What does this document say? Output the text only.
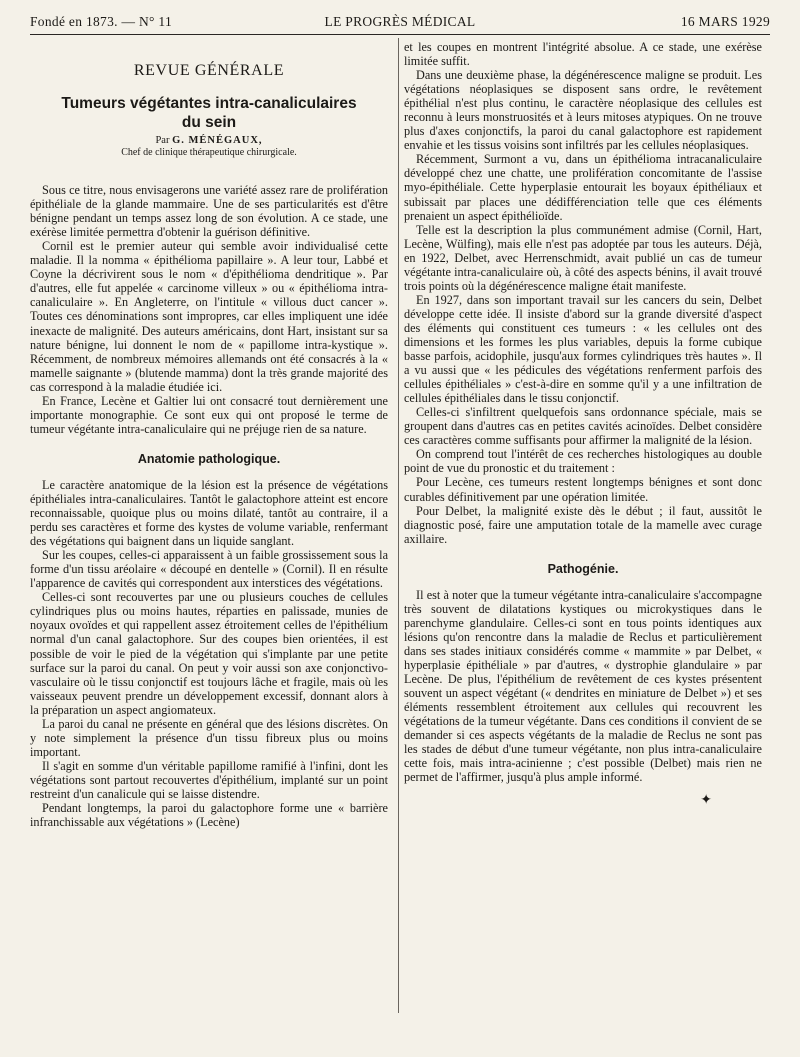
Fondé en 1873. — N° 11	LE PROGRÈS MÉDICAL	16 MARS 1929
REVUE GÉNÉRALE
Tumeurs végétantes intra-canaliculaires
du sein
Par G. MÉNÉGAUX,
Chef de clinique thérapeutique chirurgicale.

Sous ce titre, nous envisagerons une variété assez rare de prolifération épithéliale de la glande mammaire. Une de ses particularités est d'être bénigne pendant un temps assez long de son évolution. A ce stade, une exérèse limitée permettra d'obtenir la guérison définitive.

Cornil est le premier auteur qui semble avoir individualisé cette maladie. Il la nomma « épithélioma papillaire ». A leur tour, Labbé et Coyne la décrivirent sous le nom « d'épithélioma dendritique ». Par d'autres, elle fut appelée « carcinome villeux » ou « épithélioma intra-canaliculaire ». En Angleterre, on l'intitule « villous duct cancer ». Toutes ces dénominations sont impropres, car elles impliquent une idée inexacte de malignité. Des auteurs américains, dont Hart, insistant sur sa nature bénigne, lui donnent le nom de « papillome intra-kystique ». Récemment, de nombreux mémoires allemands ont été consacrés à la « mamelle saignante » (blutende mamma) dont la très grande majorité des cas correspond à la maladie étudiée ici.

En France, Lecène et Galtier lui ont consacré tout dernièrement une importante monographie. Ce sont eux qui ont proposé le terme de tumeur végétante intra-canaliculaire qui ne préjuge rien de sa nature.

Anatomie pathologique.

Le caractère anatomique de la lésion est la présence de végétations épithéliales intra-canaliculaires. Tantôt le galactophore atteint est encore reconnaissable, quoique plus ou moins dilaté, tantôt au contraire, il a perdu ses caractères et forme des kystes de volume variable, renfermant des végétations qui baignent dans un liquide sanglant.

Sur les coupes, celles-ci apparaissent à un faible grossissement sous la forme d'un tissu aréolaire « découpé en dentelle » (Cornil). Il en résulte l'apparence de cavités qui correspondent aux interstices des végétations.

Celles-ci sont recouvertes par une ou plusieurs couches de cellules cylindriques plus ou moins hautes, réparties en palissade, munies de noyaux ovoïdes et qui rappellent assez étroitement celles de l'épithélium normal d'un canal galactophore. Sur des coupes bien orientées, il est possible de voir le pied de la végétation qui s'implante par une petite surface sur la paroi du canal. On peut y voir aussi son axe conjonctivo-vasculaire où le tissu conjonctif est toujours lâche et fragile, mais où les vaisseaux peuvent prendre un développement excessif, donnant alors à la préparation un aspect angiomateux.

La paroi du canal ne présente en général que des lésions discrètes. On y note simplement la présence d'un tissu fibreux plus ou moins important.

Il s'agit en somme d'un véritable papillome ramifié à l'infini, dont les végétations sont partout recouvertes d'épithélium, implanté sur un point restreint d'un canalicule qui se laisse distendre.

Pendant longtemps, la paroi du galactophore forme une « barrière infranchissable aux végétations » (Lecène)

et les coupes en montrent l'intégrité absolue. A ce stade, une exérèse limitée suffit.

Dans une deuxième phase, la dégénérescence maligne se produit. Les végétations néoplasiques se disposent sans ordre, le revêtement épithélial n'est plus continu, le caractère néoplasique des cellules est reconnu à leurs monstruosités et à leurs mitoses atypiques. On ne trouve plus d'axes conjonctifs, la paroi du canal galactophore est rapidement envahie et les tissus voisins sont infiltrés par les cellules néoplasiques.

Récemment, Surmont a vu, dans un épithélioma intracanaliculaire développé chez une chatte, une prolifération concomitante de l'assise myo-épithéliale. Cette hyperplasie entourait les boyaux épithéliaux et subissait par places une dédifférenciation telle que ces éléments prenaient un aspect épithélioïde.

Telle est la description la plus communément admise (Cornil, Hart, Lecène, Wülfing), mais elle n'est pas adoptée par tous les auteurs. Déjà, en 1922, Delbet, avec Herrenschmidt, avait publié un cas de tumeur végétante intra-canaliculaire où, à côté des aspects bénins, il avait trouvé trois points où la dégénérescence maligne était manifeste.

En 1927, dans son important travail sur les cancers du sein, Delbet développe cette idée. Il insiste d'abord sur la grande diversité d'aspect des éléments qui constituent ces tumeurs : « les cellules ont des dimensions et les formes les plus variables, depuis la forme cubique basse parfois, acidophile, jusqu'aux formes cylindriques très hautes ». Il a vu aussi que « les pédicules des végétations renferment parfois des cellules épithéliales » c'est-à-dire en somme qu'il y a une infiltration de cellules épithéliales dans le tissu conjonctif.

Celles-ci s'infiltrent quelquefois sans ordonnance spéciale, mais se groupent dans d'autres cas en petites cavités acinoïdes. Delbet considère ces caractères comme suffisants pour affirmer la malignité de la lésion.

On comprend tout l'intérêt de ces recherches histologiques au double point de vue du pronostic et du traitement :

Pour Lecène, ces tumeurs restent longtemps bénignes et sont donc curables définitivement par une opération limitée.

Pour Delbet, la malignité existe dès le début ; il faut, aussitôt le diagnostic posé, faire une amputation totale de la mamelle avec curage axillaire.

Pathogénie.

Il est à noter que la tumeur végétante intra-canaliculaire s'accompagne très souvent de dilatations kystiques ou microkystiques dans le parenchyme glandulaire. Celles-ci sont en tous points identiques aux lésions qu'on rencontre dans la maladie de Reclus et particulièrement dans ses stades initiaux considérés comme « mammite » par Delbet, « hyperplasie épithéliale » par d'autres, « dystrophie glandulaire » par Lecène. De plus, l'épithélium de revêtement de ces kystes présentent souvent un aspect végétant (« dendrites en miniature de Delbet ») et ses éléments ressemblent étroitement aux cellules qui recouvrent les végétations de la tumeur végétante. Dans ces conditions il convient de se demander si ces aspects végétants de la maladie de Reclus ne sont pas les stades de début d'une tumeur végétante, non plus intra-canaliculaire cette fois, mais intra-acinienne ; c'est possible (Delbet) mais rien ne permet de l'affirmer, jusqu'à plus ample informé.

✦
